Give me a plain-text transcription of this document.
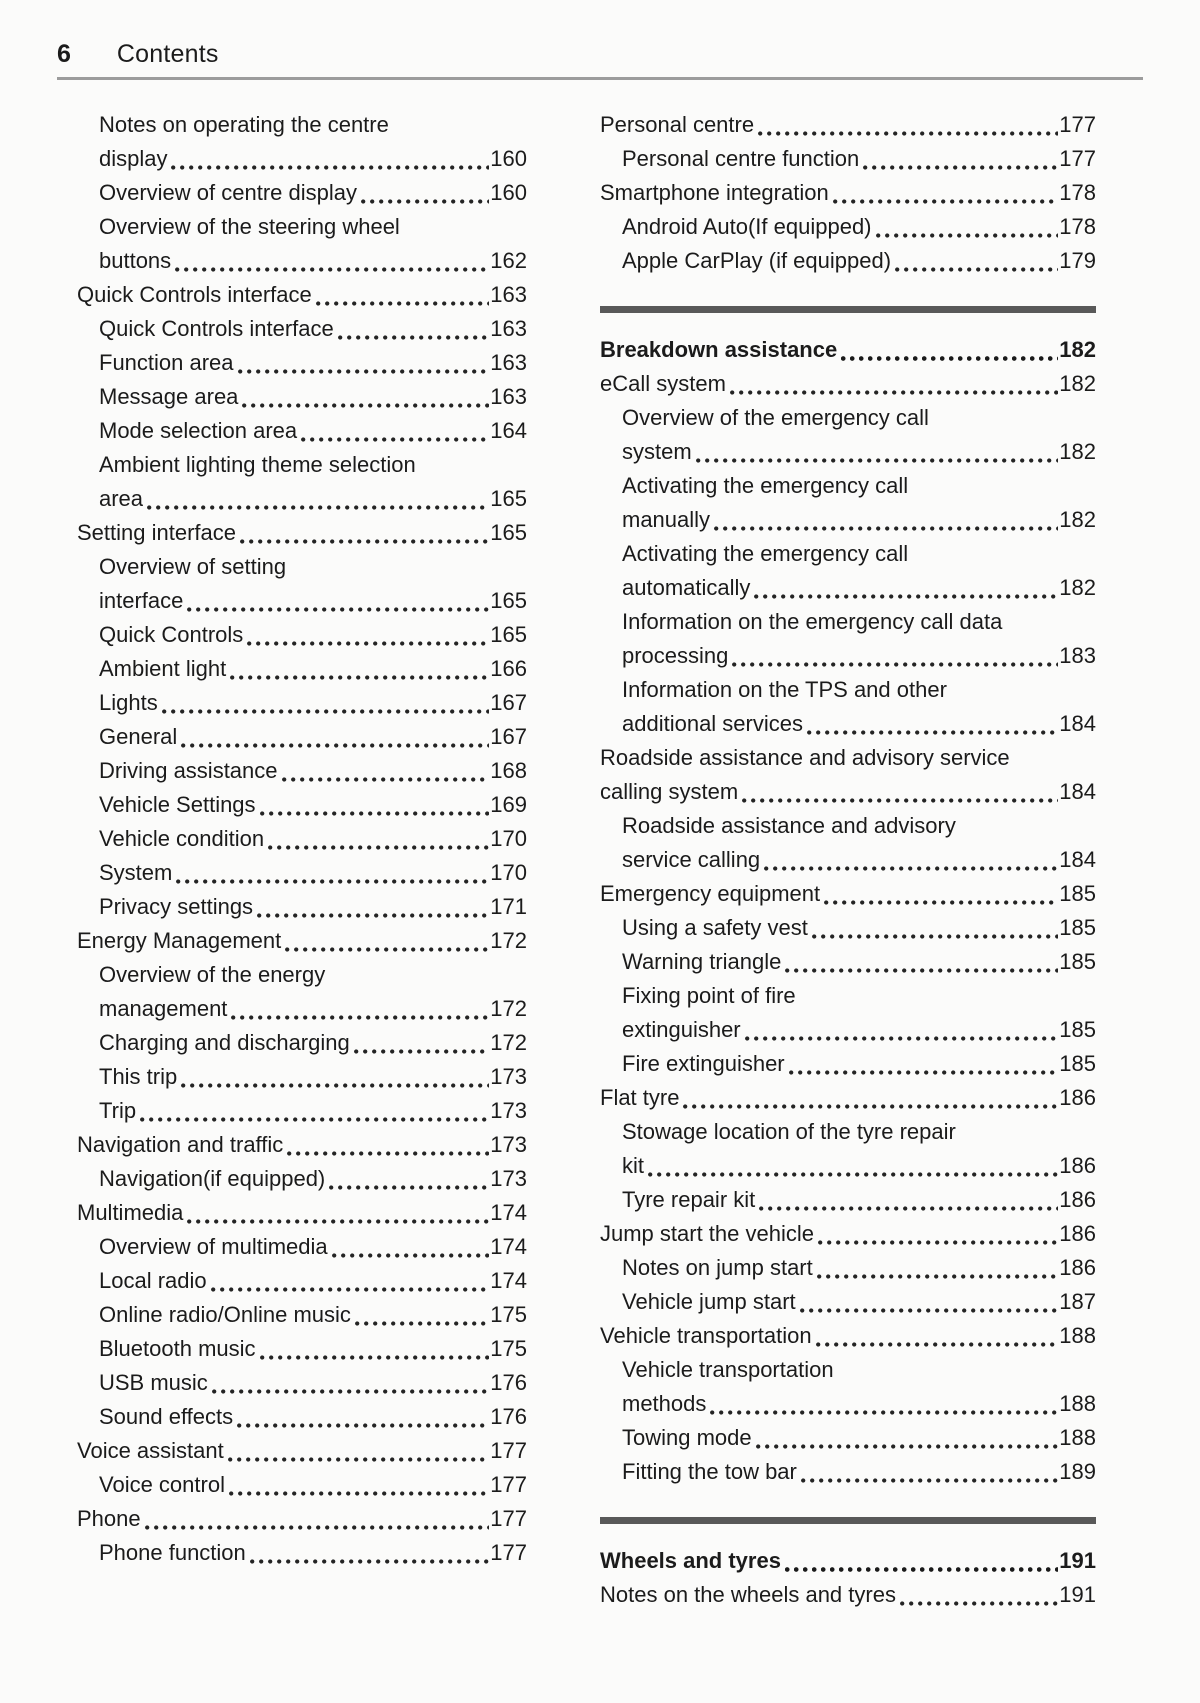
6 Contents
Notes on operating the centre
display	160
Overview of centre display	160
Overview of the steering wheel
buttons	162
Quick Controls interface	163
Quick Controls interface	163
Function area	163
Message area	163
Mode selection area	164
Ambient lighting theme selection
area	165
Setting interface	165
Overview of setting
interface	165
Quick Controls	165
Ambient light	166
Lights	167
General	167
Driving assistance	168
Vehicle Settings	169
Vehicle condition	170
System	170
Privacy settings	171
Energy Management	172
Overview of the energy
management	172
Charging and discharging	172
This trip	173
Trip	173
Navigation and traffic	173
Navigation(if equipped)	173
Multimedia	174
Overview of multimedia	174
Local radio	174
Online radio/Online music	175
Bluetooth music	175
USB music	176
Sound effects	176
Voice assistant	177
Voice control	177
Phone	177
Phone function	177
Personal centre	177
Personal centre function	177
Smartphone integration	178
Android Auto(If equipped)	178
Apple CarPlay (if equipped)	179
Breakdown assistance	182
eCall system	182
Overview of the emergency call
system	182
Activating the emergency call
manually	182
Activating the emergency call
automatically	182
Information on the emergency call data
processing	183
Information on the TPS and other
additional services	184
Roadside assistance and advisory service
calling system	184
Roadside assistance and advisory
service calling	184
Emergency equipment	185
Using a safety vest	185
Warning triangle	185
Fixing point of fire
extinguisher	185
Fire extinguisher	185
Flat tyre	186
Stowage location of the tyre repair
kit	186
Tyre repair kit	186
Jump start the vehicle	186
Notes on jump start	186
Vehicle jump start	187
Vehicle transportation	188
Vehicle transportation
methods	188
Towing mode	188
Fitting the tow bar	189
Wheels and tyres	191
Notes on the wheels and tyres	191
